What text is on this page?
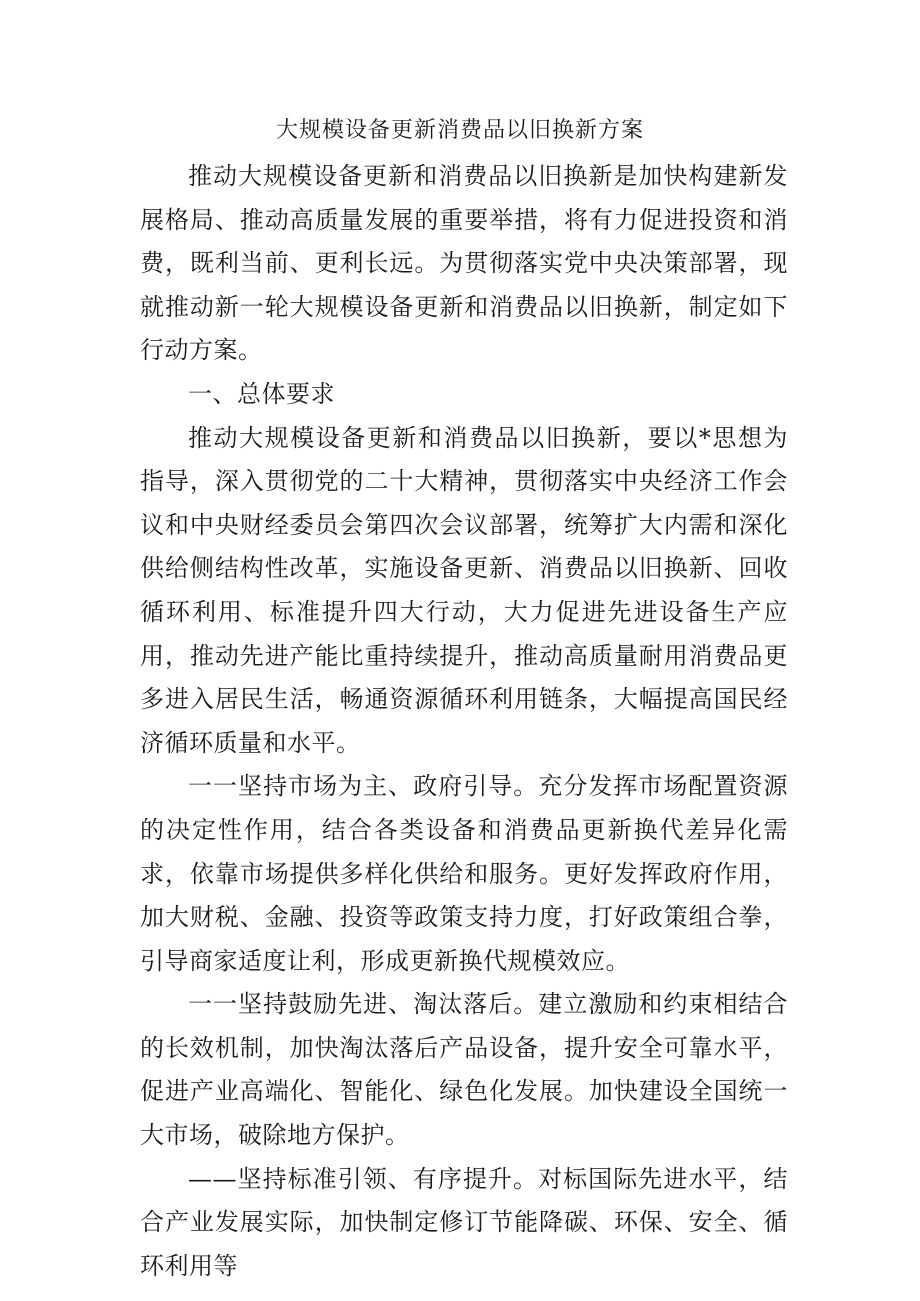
大规模设备更新消费品以旧换新方案

推动大规模设备更新和消费品以旧换新是加快构建新发展格局、推动高质量发展的重要举措，将有力促进投资和消费，既利当前、更利长远。为贯彻落实党中央决策部署，现就推动新一轮大规模设备更新和消费品以旧换新，制定如下行动方案。

一、总体要求

推动大规模设备更新和消费品以旧换新，要以*思想为指导，深入贯彻党的二十大精神，贯彻落实中央经济工作会议和中央财经委员会第四次会议部署，统筹扩大内需和深化供给侧结构性改革，实施设备更新、消费品以旧换新、回收循环利用、标准提升四大行动，大力促进先进设备生产应用，推动先进产能比重持续提升，推动高质量耐用消费品更多进入居民生活，畅通资源循环利用链条，大幅提高国民经济循环质量和水平。

一一坚持市场为主、政府引导。充分发挥市场配置资源的决定性作用，结合各类设备和消费品更新换代差异化需求，依靠市场提供多样化供给和服务。更好发挥政府作用，加大财税、金融、投资等政策支持力度，打好政策组合拳，引导商家适度让利，形成更新换代规模效应。

一一坚持鼓励先进、淘汰落后。建立激励和约束相结合的长效机制，加快淘汰落后产品设备，提升安全可靠水平，促进产业高端化、智能化、绿色化发展。加快建设全国统一大市场，破除地方保护。

——坚持标准引领、有序提升。对标国际先进水平，结合产业发展实际，加快制定修订节能降碳、环保、安全、循环利用等
